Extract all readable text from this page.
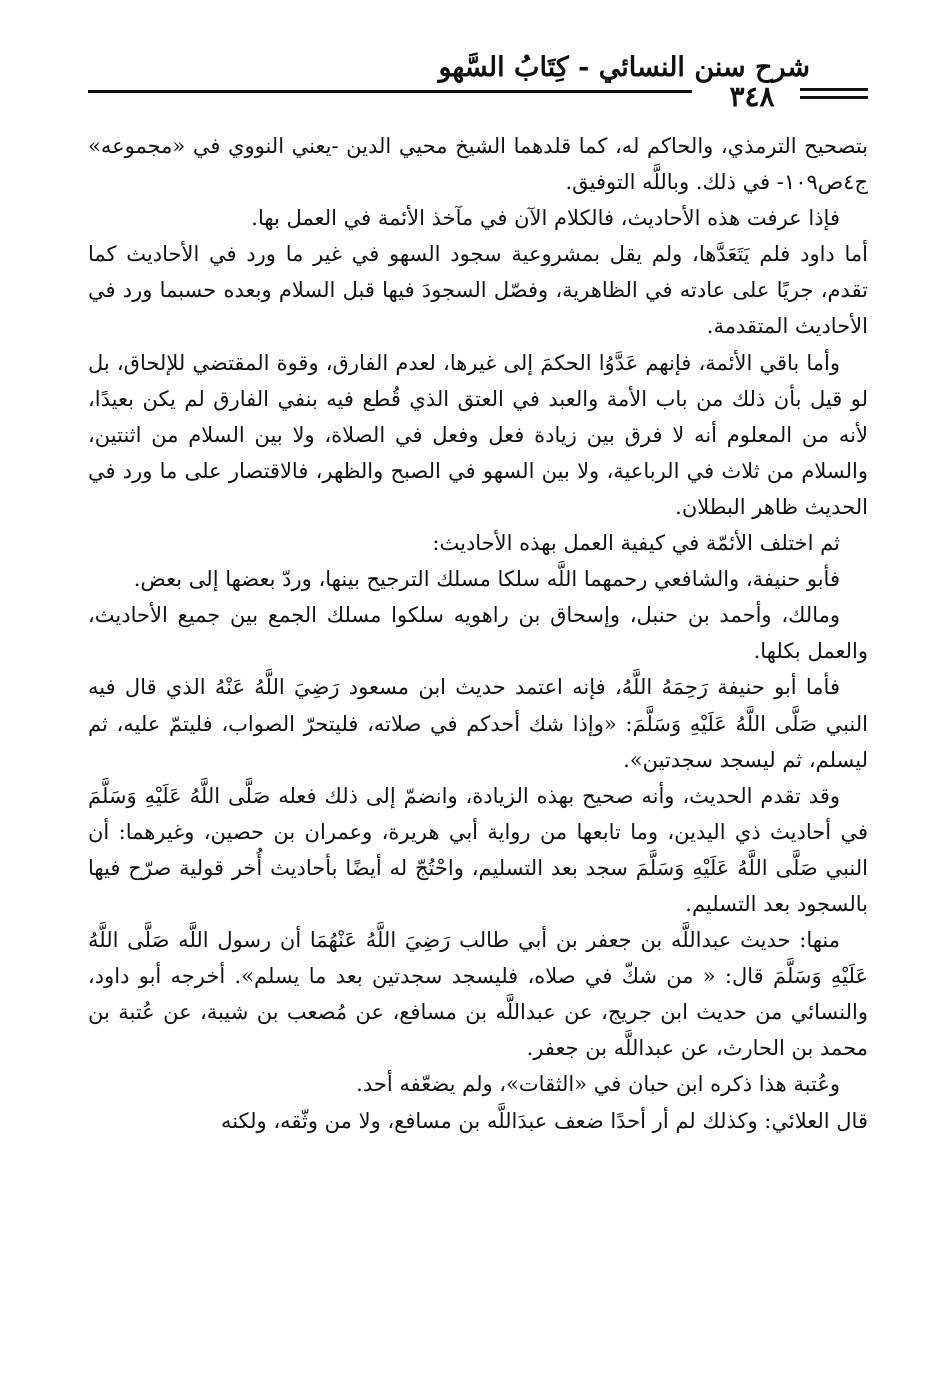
شرح سنن النسائي - كِتَابُ السَّهو
٣٤٨

بتصحيح الترمذي، والحاكم له، كما قلدهما الشيخ محيي الدين -يعني النووي في «مجموعه» ج٤ص١٠٩- في ذلك. وباللَّه التوفيق.

فإذا عرفت هذه الأحاديث، فالكلام الآن في مآخذ الأئمة في العمل بها.

أما داود فلم يَتَعَدَّها، ولم يقل بمشروعية سجود السهو في غير ما ورد في الأحاديث كما تقدم، جريًا على عادته في الظاهرية، وفصّل السجودَ فيها قبل السلام وبعده حسبما ورد في الأحاديث المتقدمة.

وأما باقي الأئمة، فإنهم عَدَّوُا الحكمَ إلى غيرها، لعدم الفارق، وقوة المقتضي للإلحاق، بل لو قيل بأن ذلك من باب الأمة والعبد في العتق الذي قُطع فيه بنفي الفارق لم يكن بعيدًا، لأنه من المعلوم أنه لا فرق بين زيادة فعل وفعل في الصلاة، ولا بين السلام من اثنتين، والسلام من ثلاث في الرباعية، ولا بين السهو في الصبح والظهر، فالاقتصار على ما ورد في الحديث ظاهر البطلان.

ثم اختلف الأئمّة في كيفية العمل بهذه الأحاديث:

فأبو حنيفة، والشافعي رحمهما اللَّه سلكا مسلك الترجيح بينها، وردّ بعضها إلى بعض.

ومالك، وأحمد بن حنبل، وإسحاق بن راهويه سلكوا مسلك الجمع بين جميع الأحاديث، والعمل بكلها.

فأما أبو حنيفة رَحِمَهُ اللَّهُ، فإنه اعتمد حديث ابن مسعود رَضِيَ اللَّهُ عَنْهُ الذي قال فيه النبي صَلَّى اللَّهُ عَلَيْهِ وَسَلَّمَ: «وإذا شك أحدكم في صلاته، فليتحرّ الصواب، فليتمّ عليه، ثم ليسلم، ثم ليسجد سجدتين».

وقد تقدم الحديث، وأنه صحيح بهذه الزيادة، وانضمّ إلى ذلك فعله صَلَّى اللَّهُ عَلَيْهِ وَسَلَّمَ في أحاديث ذي اليدين، وما تابعها من رواية أبي هريرة، وعمران بن حصين، وغيرهما: أن النبي صَلَّى اللَّهُ عَلَيْهِ وَسَلَّمَ سجد بعد التسليم، واحْتُجّ له أيضًا بأحاديث أُخر قولية صرّح فيها بالسجود بعد التسليم.

منها: حديث عبداللَّه بن جعفر بن أبي طالب رَضِيَ اللَّهُ عَنْهُمَا أن رسول اللَّه صَلَّى اللَّهُ عَلَيْهِ وَسَلَّمَ قال: « من شكّ في صلاه، فليسجد سجدتين بعد ما يسلم». أخرجه أبو داود، والنسائي من حديث ابن جريج، عن عبداللَّه بن مسافع، عن مُصعب بن شيبة، عن عُتبة بن محمد بن الحارث، عن عبداللَّه بن جعفر.

وعُتبة هذا ذكره ابن حبان في «الثقات»، ولم يضعّفه أحد.

قال العلائي: وكذلك لم أر أحدًا ضعف عبدَاللَّه بن مسافع، ولا من وثّقه، ولكنه
